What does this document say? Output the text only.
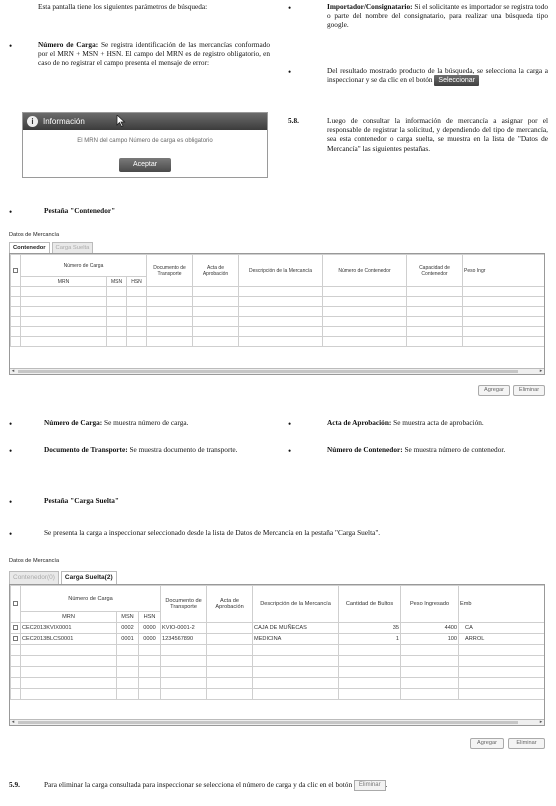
Esta pantalla tiene los siguientes parámetros de búsqueda:
•	Número de Carga: Se registra identificación de las mercancías conformado por el MRN + MSN + HSN. El campo del MRN es de registro obligatorio, en caso de no registrar el campo presenta el mensaje de error:
i	Información
El MRN del campo Número de carga es obligatorio
Aceptar
•	Importador/Consignatario: Si el solicitante es importador se registra todo o parte del nombre del consignatario, para realizar una búsqueda tipo google.
•	Del resultado mostrado producto de la búsqueda, se selecciona la carga a inspeccionar y se da clic en el botón Seleccionar
5.8.	Luego de consultar la información de mercancía a asignar por el responsable de registrar la solicitud, y dependiendo del tipo de mercancía, sea esta contenedor o carga suelta, se muestra en la lista de "Datos de Mercancía" las siguientes pestañas.
•	Pestaña "Contenedor"
Datos de Mercancía
Contenedor	Carga Suelta
	Número de Carga			Documento de Transporte	Acta de Aprobación	Descripción de la Mercancía	Número de Contenedor	Capacidad de Contenedor	Peso Ingr
	MRN	MSN	HSN						

◂	▸
Agregar	Eliminar
•	Número de Carga: Se muestra número de carga.
•	Documento de Transporte: Se muestra documento de transporte.
•	Acta de Aprobación: Se muestra acta de aprobación.
•	Número de Contenedor: Se muestra número de contenedor.
•	Pestaña "Carga Suelta"
•	Se presenta la carga a inspeccionar seleccionado desde la lista de Datos de Mercancía en la pestaña "Carga Suelta".
Datos de Mercancía
Contenedor(0)	Carga Suelta(2)
	Número de Carga			Documento de Transporte	Acta de Aprobación	Descripción de la Mercancía	Cantidad de Bultos	Peso Ingresado	Emb
	MRN	MSN	HSN						
	CEC2013KVIX0001	0002	0000	KVIO-0001-2		CAJA DE MUÑECAS	35	4400	CA
	CEC2013BLCS0001	0001	0000	1234567890		MEDICINA	1	100	ARROL

◂	▸
Agregar	Eliminar
5.9.	Para eliminar la carga consultada para inspeccionar se selecciona el número de carga y da clic en el botón Eliminar .
